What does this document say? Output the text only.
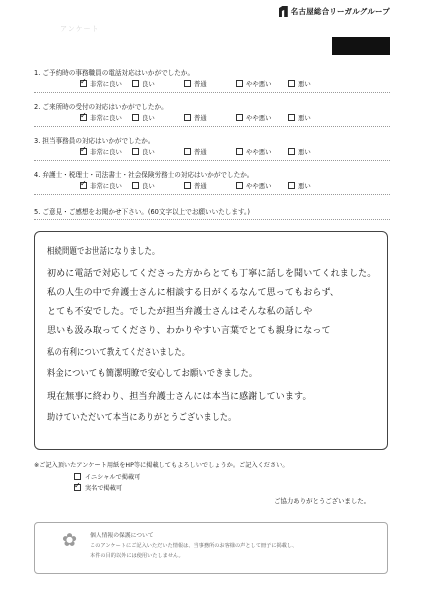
名古屋総合リーガルグループ
アンケート
1. ご予約時の事務職員の電話対応はいかがでしたか。
✓
非常に良い	良い	普通	やや悪い	悪い
2. ご来所時の受付の対応はいかがでしたか。
✓
非常に良い	良い	普通	やや悪い	悪い
3. 担当事務員の対応はいかがでしたか。
✓
非常に良い	良い	普通	やや悪い	悪い
4. 弁護士・税理士・司法書士・社会保険労務士の対応はいかがでしたか。
✓
非常に良い	良い	普通	やや悪い	悪い
5. ご意見・ご感想をお聞かせ下さい。(60文字以上でお願いいたします。)
相続問題でお世話になりました。
初めに電話で対応してくださった方からとても丁寧に話しを聞いてくれました。
私の人生の中で弁護士さんに相談する日がくるなんて思ってもおらず、
とても不安でした。でしたが担当弁護士さんはそんな私の話しや
思いも汲み取ってくださり、わかりやすい言葉でとても親身になって
私の有利について教えてくださいました。
料金についても簡潔明瞭で安心してお願いできました。
現在無事に終わり、担当弁護士さんには本当に感謝しています。
助けていただいて本当にありがとうございました。
※ご記入頂いたアンケート用紙をHP等に掲載してもよろしいでしょうか。ご記入ください。
イニシャルで掲載可
✓
実名で掲載可
ご協力ありがとうございました。
✿ 個人情報の保護について
このアンケートにご記入いただいた情報は、当事務所のお客様の声として冊子に掲載し、
本件の目的以外には使用いたしません。
